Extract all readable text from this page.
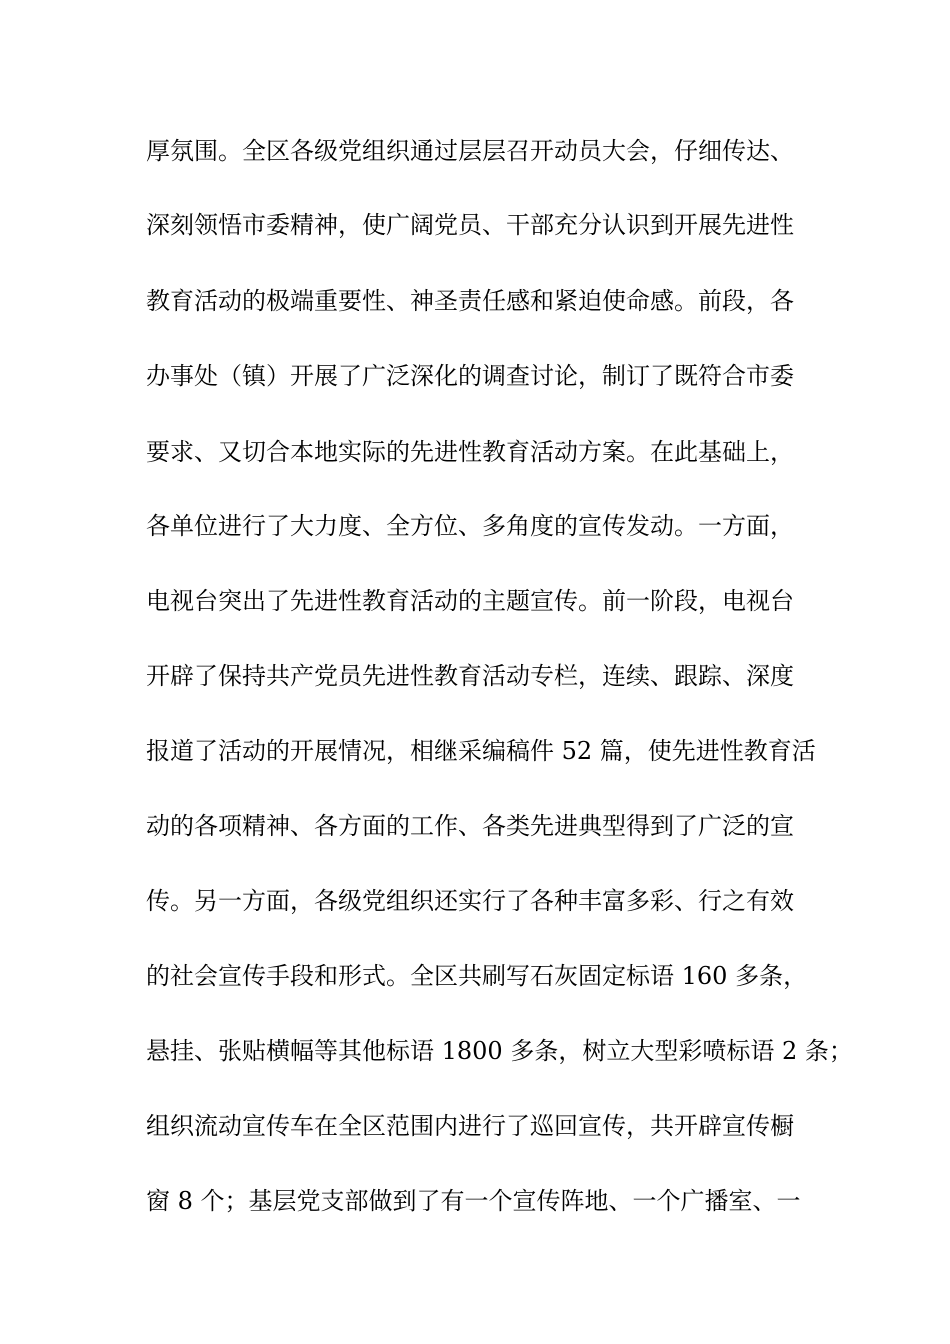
厚氛围。全区各级党组织通过层层召开动员大会，仔细传达、
深刻领悟市委精神，使广阔党员、干部充分认识到开展先进性
教育活动的极端重要性、神圣责任感和紧迫使命感。前段，各
办事处（镇）开展了广泛深化的调查讨论，制订了既符合市委
要求、又切合本地实际的先进性教育活动方案。在此基础上，
各单位进行了大力度、全方位、多角度的宣传发动。一方面，
电视台突出了先进性教育活动的主题宣传。前一阶段，电视台
开辟了保持共产党员先进性教育活动专栏，连续、跟踪、深度
报道了活动的开展情况，相继采编稿件 52 篇，使先进性教育活
动的各项精神、各方面的工作、各类先进典型得到了广泛的宣
传。另一方面，各级党组织还实行了各种丰富多彩、行之有效
的社会宣传手段和形式。全区共刷写石灰固定标语 160 多条，
悬挂、张贴横幅等其他标语 1800 多条，树立大型彩喷标语 2 条；
组织流动宣传车在全区范围内进行了巡回宣传，共开辟宣传橱
窗 8 个；基层党支部做到了有一个宣传阵地、一个广播室、一
